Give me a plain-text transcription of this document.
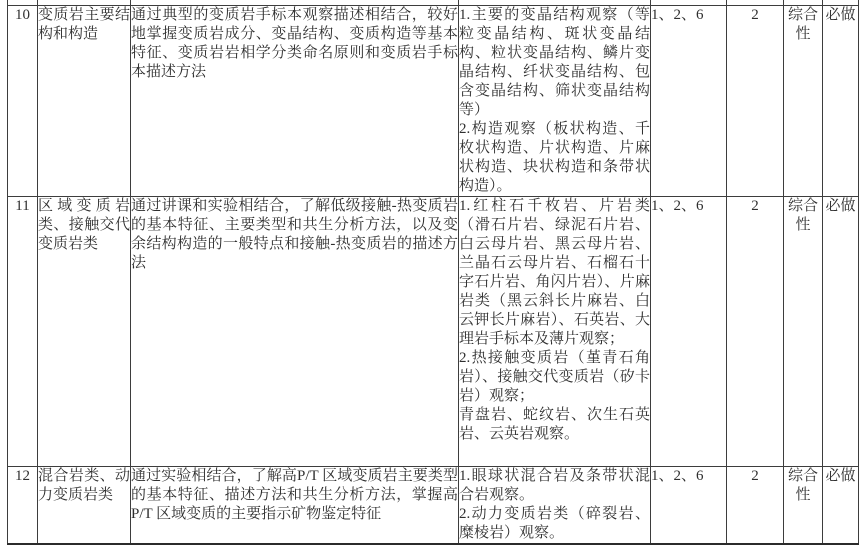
10	变质岩主要结构和构造	通过典型的变质岩手标本观察描述相结合，较好地掌握变质岩成分、变晶结构、变质构造等基本特征、变质岩岩相学分类命名原则和变质岩手标本描述方法	1.主要的变晶结构观察（等粒变晶结构、斑状变晶结构、粒状变晶结构、鳞片变晶结构、纤状变晶结构、包含变晶结构、筛状变晶结构等）
2.构造观察（板状构造、千枚状构造、片状构造、片麻状构造、块状构造和条带状构造）。	1、2、6	2	综合性	必做
11	区域变质岩类、接触交代变质岩类	通过讲课和实验相结合，了解低级接触-热变质岩的基本特征、主要类型和共生分析方法，以及变余结构构造的一般特点和接触-热变质岩的描述方法	1.红柱石千枚岩、片岩类（滑石片岩、绿泥石片岩、白云母片岩、黑云母片岩、兰晶石云母片岩、石榴石十字石片岩、角闪片岩）、片麻岩类（黑云斜长片麻岩、白云钾长片麻岩）、石英岩、大理岩手标本及薄片观察；
2.热接触变质岩（堇青石角岩）、接触交代变质岩（矽卡岩）观察；
青盘岩、蛇纹岩、次生石英岩、云英岩观察。	1、2、6	2	综合性	必做
12	混合岩类、动力变质岩类	通过实验相结合，了解高P/T 区域变质岩主要类型的基本特征、描述方法和共生分析方法，掌握高P/T 区域变质的主要指示矿物鉴定特征	1.眼球状混合岩及条带状混合岩观察。
2.动力变质岩类（碎裂岩、糜棱岩）观察。	1、2、6	2	综合性	必做
